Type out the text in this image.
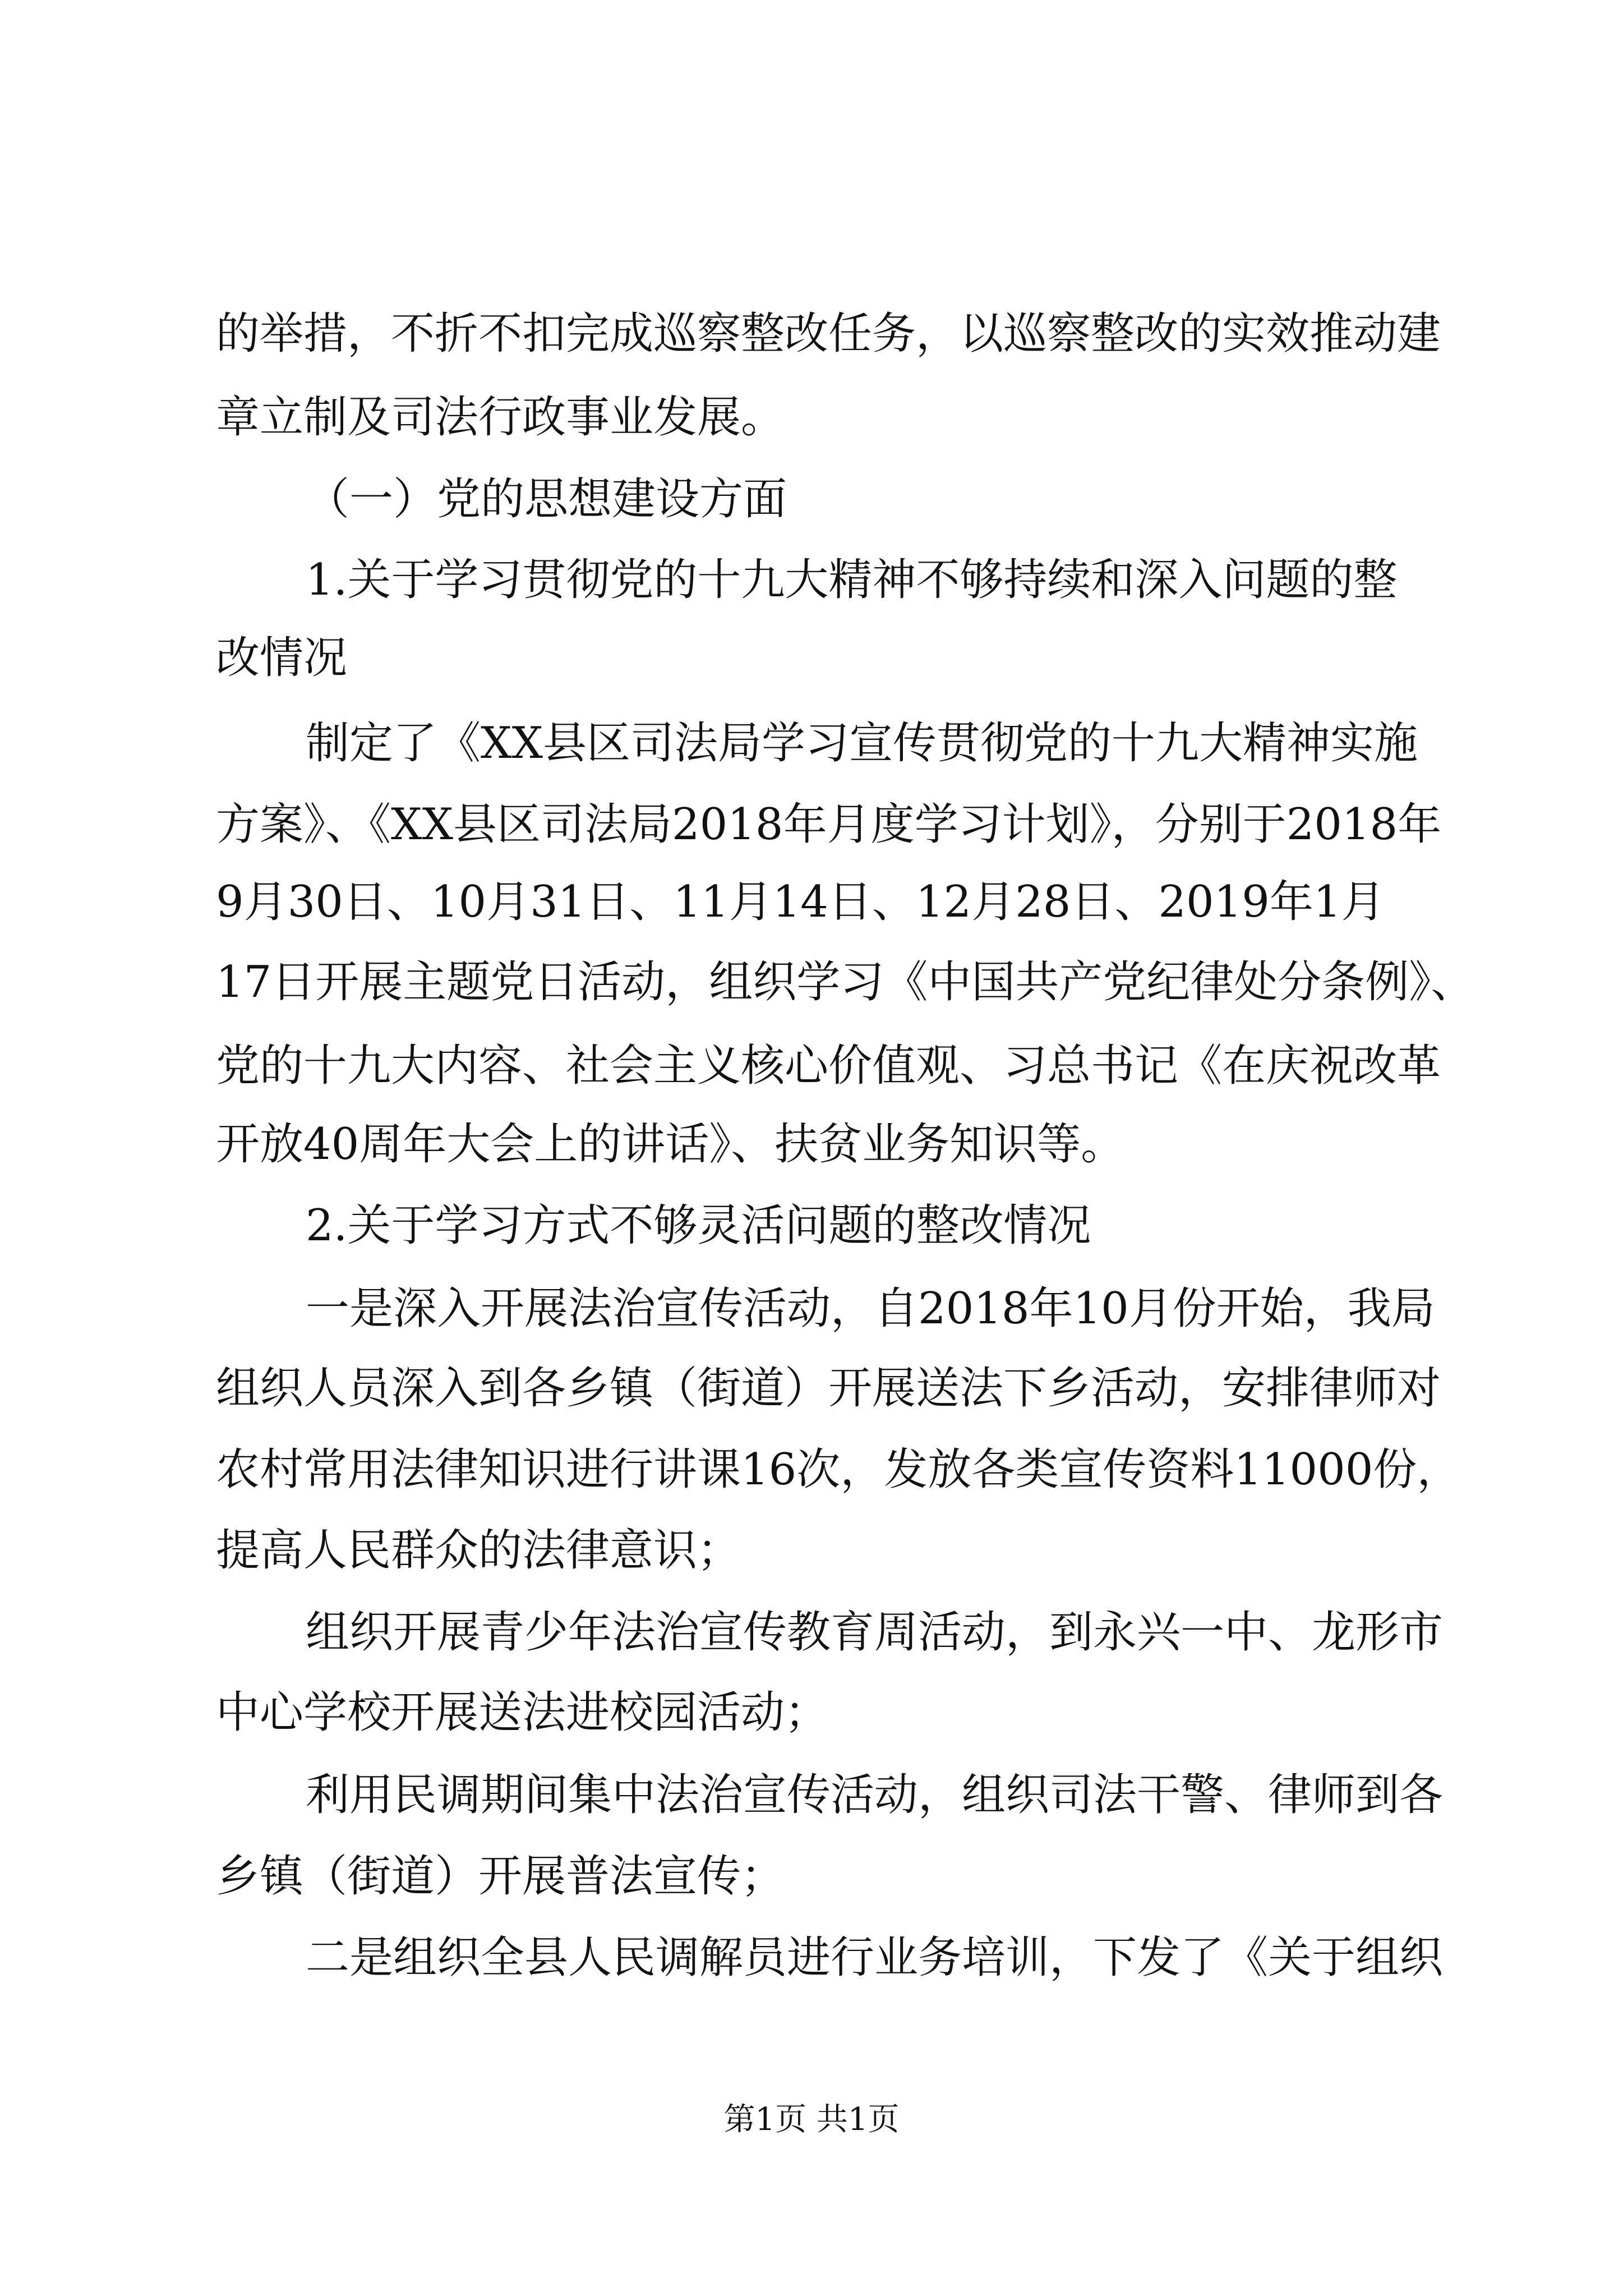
的举措，不折不扣完成巡察整改任务，以巡察整改的实效推动建
章立制及司法行政事业发展。
（一）党的思想建设方面
1.关于学习贯彻党的十九大精神不够持续和深入问题的整
改情况
制定了《XX县区司法局学习宣传贯彻党的十九大精神实施
方案》、《XX县区司法局2018年月度学习计划》，分别于2018年
9月30日、10月31日、11月14日、12月28日、2019年1月
17日开展主题党日活动，组织学习《中国共产党纪律处分条例》、
党的十九大内容、社会主义核心价值观、习总书记《在庆祝改革
开放40周年大会上的讲话》、扶贫业务知识等。
2.关于学习方式不够灵活问题的整改情况
一是深入开展法治宣传活动，自2018年10月份开始，我局
组织人员深入到各乡镇（街道）开展送法下乡活动，安排律师对
农村常用法律知识进行讲课16次，发放各类宣传资料11000份，
提高人民群众的法律意识；
组织开展青少年法治宣传教育周活动，到永兴一中、龙形市
中心学校开展送法进校园活动；
利用民调期间集中法治宣传活动，组织司法干警、律师到各
乡镇（街道）开展普法宣传；
二是组织全县人民调解员进行业务培训，下发了《关于组织
第1页 共1页
